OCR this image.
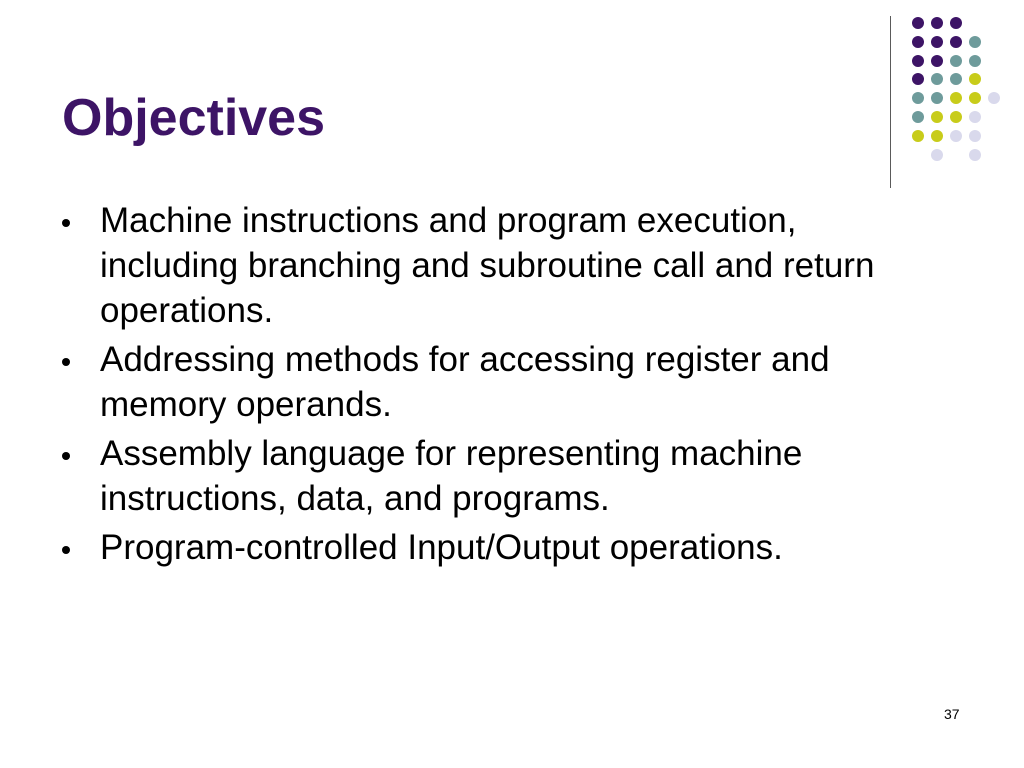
Objectives
Machine instructions and program execution, including branching and subroutine call and return operations.
Addressing methods for accessing register and memory operands.
Assembly language for representing machine instructions, data, and programs.
Program-controlled Input/Output operations.
37
